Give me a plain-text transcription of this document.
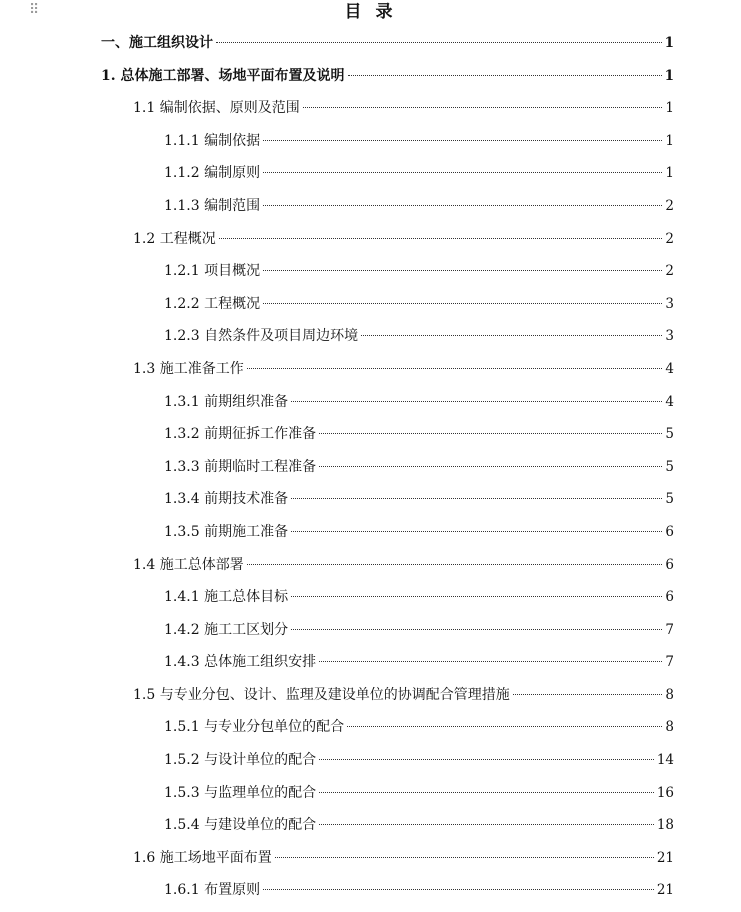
⠿	目 录
一、施工组织设计	1
1. 总体施工部署、场地平面布置及说明	1
1.1 编制依据、原则及范围	1
1.1.1 编制依据	1
1.1.2 编制原则	1
1.1.3 编制范围	2
1.2 工程概况	2
1.2.1 项目概况	2
1.2.2 工程概况	3
1.2.3 自然条件及项目周边环境	3
1.3 施工准备工作	4
1.3.1 前期组织准备	4
1.3.2 前期征拆工作准备	5
1.3.3 前期临时工程准备	5
1.3.4 前期技术准备	5
1.3.5 前期施工准备	6
1.4 施工总体部署	6
1.4.1 施工总体目标	6
1.4.2 施工工区划分	7
1.4.3 总体施工组织安排	7
1.5 与专业分包、设计、监理及建设单位的协调配合管理措施	8
1.5.1 与专业分包单位的配合	8
1.5.2 与设计单位的配合	14
1.5.3 与监理单位的配合	16
1.5.4 与建设单位的配合	18
1.6 施工场地平面布置	21
1.6.1 布置原则	21
